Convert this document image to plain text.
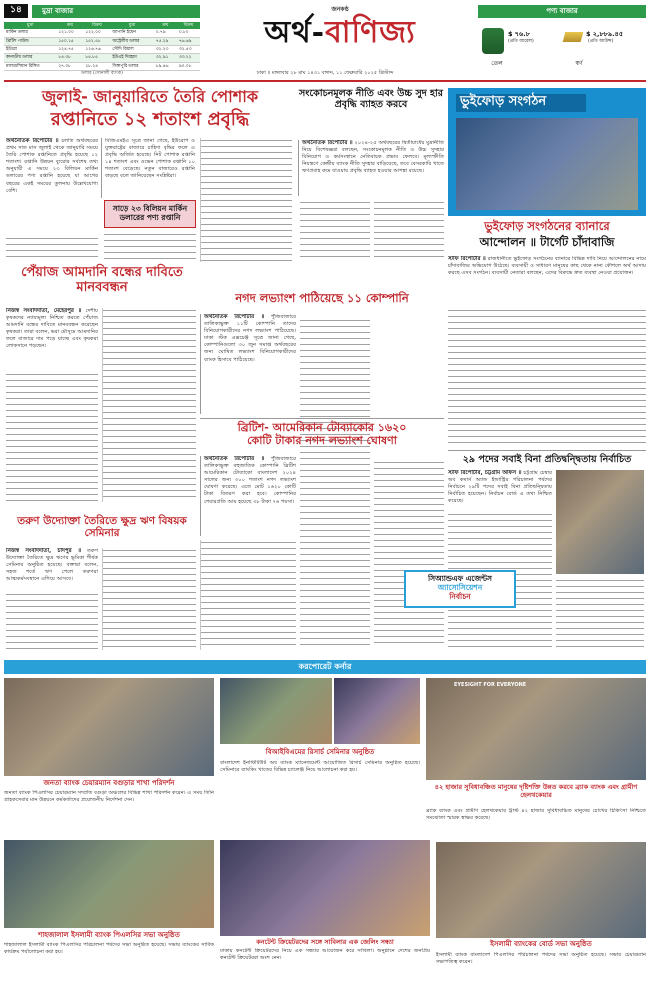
১৪	মুদ্রা বাজার
মুদ্রা	ক্রয়	বিক্রয়	মুদ্রা	ক্রয়	বিক্রয়
মার্কিন ডলার	১২১.০০	১২২.০০	জাপানি ইয়েন	০.৭৯	০.৮০
ব্রিটিশ পাউন্ড	১৫০.১৫	১৫২.৫৮	অস্ট্রেলীয় ডলার	৭৫.২৯	৭৬.৬৯
ইউরো	১২৪.৭৫	১২৬.৭৬	সৌদি রিয়াল	৩২.২৩	৩২.৫৩
কানাডীয় ডলার	৮৪.৩৮	৮৫.৮৫	ইউএই দিরহাম	৩২.৯১	৩৩.২২
মালয়েশিয়ান রিঙ্গিত	২৭.০৮	২৮.২৪	সিঙ্গাপুরি ডলার	৮৯.৪৬	৯০.০৮
ডলার (সোনালী ব্যাংক)
জনকণ্ঠ
অর্থ-বাণিজ্য
ঢাকা ॥ মঙ্গলবার ২৮ মাঘ ১৪৩১ বঙ্গাব্দ, ১১ ফেব্রুয়ারি ২০২৫ খ্রিস্টাব্দ
পণ্য বাজার
তেল
$ ৭৬.৮
(প্রতি ব্যারেল)
স্বর্ণ
$ ২,৮৮৯.৪৫
(প্রতি আউন্স)
জুলাই- জানুয়ারিতে তৈরি পোশাক
রপ্তানিতে ১২ শতাংশ প্রবৃদ্ধি
অর্থনৈতিক রিপোর্টার ॥ চলতি অর্থবছরের প্রথম সাত মাস জুলাই থেকে জানুয়ারি সময়ে তৈরি পোশাক রপ্তানিতে প্রবৃদ্ধি হয়েছে ১২ শতাংশ। রপ্তানি উন্নয়ন ব্যুরোর সর্বশেষ তথ্য অনুযায়ী এ সময়ে ২৩ বিলিয়ন মার্কিন ডলারের পণ্য রপ্তানি হয়েছে যা আগের বছরের একই সময়ের তুলনায় উল্লেখযোগ্য বেশি।
বিজিএমইএ সূত্রে জানা গেছে, ইউরোপ ও যুক্তরাষ্ট্রের বাজারে চাহিদা বৃদ্ধির ফলে এ প্রবৃদ্ধি অর্জিত হয়েছে। নিট পোশাক রপ্তানি ১৪ শতাংশ এবং ওভেন পোশাক রপ্তানি ১০ শতাংশ বেড়েছে। নতুন বাজারেও রপ্তানি বাড়ছে বলে জানিয়েছেন সংশ্লিষ্টরা।
সাড়ে ২৩ বিলিয়ন মার্কিন ডলারের পণ্য রপ্তানি
সংকোচনমূলক নীতি এবং উচ্চ সুদ হার প্রবৃদ্ধি ব্যাহত করবে
অর্থনৈতিক রিপোর্টার ॥ ২০২৪-২৫ অর্থবছরের দ্বিতীয়ার্ধের মুদ্রানীতি নিয়ে বিশেষজ্ঞরা বলছেন, সংকোচনমূলক নীতি ও উচ্চ সুদহার বিনিয়োগ ও কর্মসংস্থানে নেতিবাচক প্রভাব ফেলবে। মূল্যস্ফীতি নিয়ন্ত্রণে কেন্দ্রীয় ব্যাংক নীতি সুদহার বাড়িয়েছে, তবে বেসরকারি খাতে ঋণপ্রবাহ কমে যাওয়ায় প্রবৃদ্ধি ব্যাহত হওয়ার আশঙ্কা রয়েছে।
পেঁয়াজ আমদানি বন্ধের দাবিতে মানববন্ধন
নিজস্ব সংবাদদাতা, মেহেরপুর ॥ দেশীয় কৃষকদের ন্যায্যমূল্য নিশ্চিত করতে পেঁয়াজ আমদানি বন্ধের দাবিতে মানববন্ধন করেছেন কৃষকরা। তারা বলেন, ভরা মৌসুমে আমদানির ফলে বাজারে দাম পড়ে যাচ্ছে এবং কৃষকরা লোকসানে পড়ছেন।
তরুণ উদ্যোক্তা তৈরিতে ক্ষুদ্র ঋণ বিষয়ক সেমিনার
নিজস্ব সংবাদদাতা, চাঁদপুর ॥ তরুণ উদ্যোক্তা তৈরিতে ক্ষুদ্র ঋণের ভূমিকা শীর্ষক সেমিনার অনুষ্ঠিত হয়েছে। বক্তারা বলেন, সহজ শর্তে ঋণ পেলে তরুণরা আত্মকর্মসংস্থানে এগিয়ে আসবে।
নগদ লভ্যাংশ পাঠিয়েছে ১১ কোম্পানি
অর্থনৈতিক রিপোর্টার ॥ পুঁজিবাজারে তালিকাভুক্ত ১১টি কোম্পানি তাদের বিনিয়োগকারীদের নগদ লভ্যাংশ পাঠিয়েছে। ঢাকা স্টক এক্সচেঞ্জ সূত্রে জানা গেছে, কোম্পানিগুলো ৩০ জুন সমাপ্ত অর্থবছরের জন্য ঘোষিত লভ্যাংশ বিনিয়োগকারীদের ব্যাংক হিসাবে পাঠিয়েছে।
ব্রিটিশ- আমেরিকান টোব্যাকোর ১৬২০
কোটি টাকার নগদ লভ্যাংশ ঘোষণা
অর্থনৈতিক রিপোর্টার ॥ পুঁজিবাজারে তালিকাভুক্ত বহুজাতিক কোম্পানি ব্রিটিশ আমেরিকান টোব্যাকো বাংলাদেশ ২০২৪ সালের জন্য ৩০০ শতাংশ নগদ লভ্যাংশ ঘোষণা করেছে। এতে মোট ১৬২০ কোটি টাকা বিতরণ করা হবে। কোম্পানির শেয়ারপ্রতি আয় হয়েছে ৩৮ টাকা ৭৬ পয়সা।
ভুইফোড় সংগঠন
ভুইফোড় সংগঠনের ব্যানারে
আন্দোলন ॥ টার্গেট চাঁদাবাজি
স্টাফ রিপোর্টার ॥ রাজধানীতে ভুইফোড় সংগঠনের ব্যানারে বিভিন্ন দাবি নিয়ে আন্দোলনের নামে চাঁদাবাজির অভিযোগ উঠেছে। ব্যবসায়ী ও সাধারণ মানুষের কাছ থেকে নানা কৌশলে অর্থ আদায় করছে এসব সংগঠন। ব্যবসায়ী নেতারা বলছেন, এদের বিরুদ্ধে দ্রুত ব্যবস্থা নেওয়া প্রয়োজন।
২৯ পদের সবাই বিনা প্রতিদ্বন্দ্বিতায় নির্বাচিত
স্টাফ রিপোর্টার, চট্টগ্রাম অফিস ॥ চট্টগ্রাম চেম্বার অব কমার্স অ্যান্ড ইন্ডাস্ট্রির পরিচালনা পর্ষদের নির্বাচনে ২৯টি পদের সবাই বিনা প্রতিদ্বন্দ্বিতায় নির্বাচিত হয়েছেন। নির্বাচন বোর্ড এ তথ্য নিশ্চিত করেছে।
সিঅ্যান্ডএফ এজেন্টস
অ্যাসোসিয়েশন
নির্বাচন
করপোরেট কর্নার
জনতা ব্যাংক চেয়ারম্যান বগুড়ার শাখা পরিদর্শন
জনতা ব্যাংক পিএলসির চেয়ারম্যান সম্প্রতি বগুড়া অঞ্চলের বিভিন্ন শাখা পরিদর্শন করেন। এ সময় তিনি গ্রাহকসেবার মান উন্নয়নে কর্মকর্তাদের প্রয়োজনীয় নির্দেশনা দেন।
বিআইবিএমের রিসার্চ সেমিনার অনুষ্ঠিত
বাংলাদেশ ইনস্টিটিউট অব ব্যাংক ম্যানেজমেন্ট আয়োজিত রিসার্চ সেমিনার অনুষ্ঠিত হয়েছে। সেমিনারে ব্যাংকিং খাতের বিভিন্ন চ্যালেঞ্জ নিয়ে আলোচনা করা হয়।
EYESIGHT FOR EVERYONE
৪২ হাজার সুবিধাবঞ্চিত মানুষের দৃষ্টিশক্তি উন্নত করবে ব্র্যাক ব্যাংক এবং গ্রামীণ হেলথকেয়ার
ব্র্যাক ব্যাংক এবং গ্রামীণ হেলথকেয়ার ট্রাস্ট ৪২ হাজার সুবিধাবঞ্চিত মানুষের চোখের চিকিৎসা নিশ্চিতে সমঝোতা স্মারক স্বাক্ষর করেছে।
শাহজালাল ইসলামী ব্যাংক পিএলসির সভা অনুষ্ঠিত
শাহজালাল ইসলামী ব্যাংক পিএলসির পরিচালনা পর্ষদের সভা অনুষ্ঠিত হয়েছে। সভায় ব্যাংকের সার্বিক কার্যক্রম পর্যালোচনা করা হয়।
কনটেন্ট ক্রিয়েটরদের সঙ্গে সাবিলার এক জেলিং সন্ধ্যা
ঢাকায় কনটেন্ট ক্রিয়েটরদের নিয়ে এক সন্ধ্যার আয়োজন করে সাবিলা। অনুষ্ঠানে দেশের জনপ্রিয় কনটেন্ট ক্রিয়েটররা অংশ নেন।
ইসলামী ব্যাংকের বোর্ড সভা অনুষ্ঠিত
ইসলামী ব্যাংক বাংলাদেশ পিএলসির পরিচালনা পর্ষদের সভা অনুষ্ঠিত হয়েছে। সভায় চেয়ারম্যান সভাপতিত্ব করেন।
